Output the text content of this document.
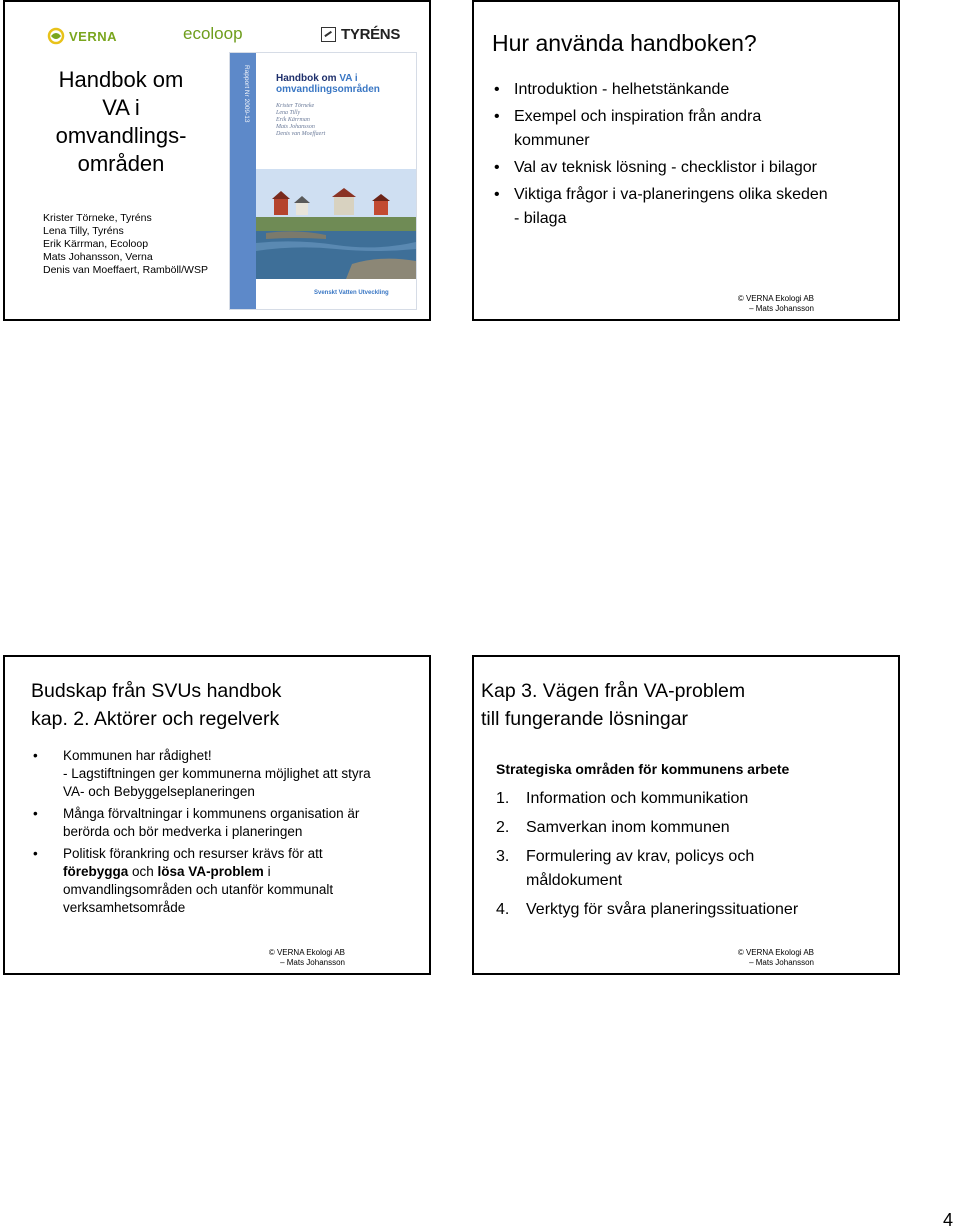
VERNA	ecoloop	TYRÉNS
Handbok om
VA i
omvandlings-
områden
Krister Törneke, Tyréns
Lena Tilly, Tyréns
Erik Kärrman, Ecoloop
Mats Johansson, Verna
Denis van Moeffaert, Ramböll/WSP
Rapport Nr 2009-13	Handbok om VA i
omvandlingsområden
Krister Törneke
Lena Tilly
Erik Kärrman
Mats Johansson
Denis van Moeffaert
Svenskt Vatten Utveckling
Hur använda handboken?
• Introduktion - helhetstänkande
• Exempel och inspiration från andra kommuner
• Val av teknisk lösning - checklistor i bilagor
• Viktiga frågor i va-planeringens olika skeden - bilaga
© VERNA Ekologi AB
– Mats Johansson
Budskap från SVUs handbok
kap. 2. Aktörer och regelverk
• Kommunen har rådighet!
- Lagstiftningen ger kommunerna möjlighet att styra VA- och Bebyggelseplaneringen
• Många förvaltningar i kommunens organisation är berörda och bör medverka i planeringen
• Politisk förankring och resurser krävs för att förebygga och lösa VA-problem i omvandlingsområden och utanför kommunalt verksamhetsområde
© VERNA Ekologi AB
– Mats Johansson
Kap 3. Vägen från VA-problem
till fungerande lösningar
Strategiska områden för kommunens arbete
1.	Information och kommunikation
2.	Samverkan inom kommunen
3.	Formulering av krav, policys och måldokument
4.	Verktyg för svåra planeringssituationer
© VERNA Ekologi AB
– Mats Johansson
4
